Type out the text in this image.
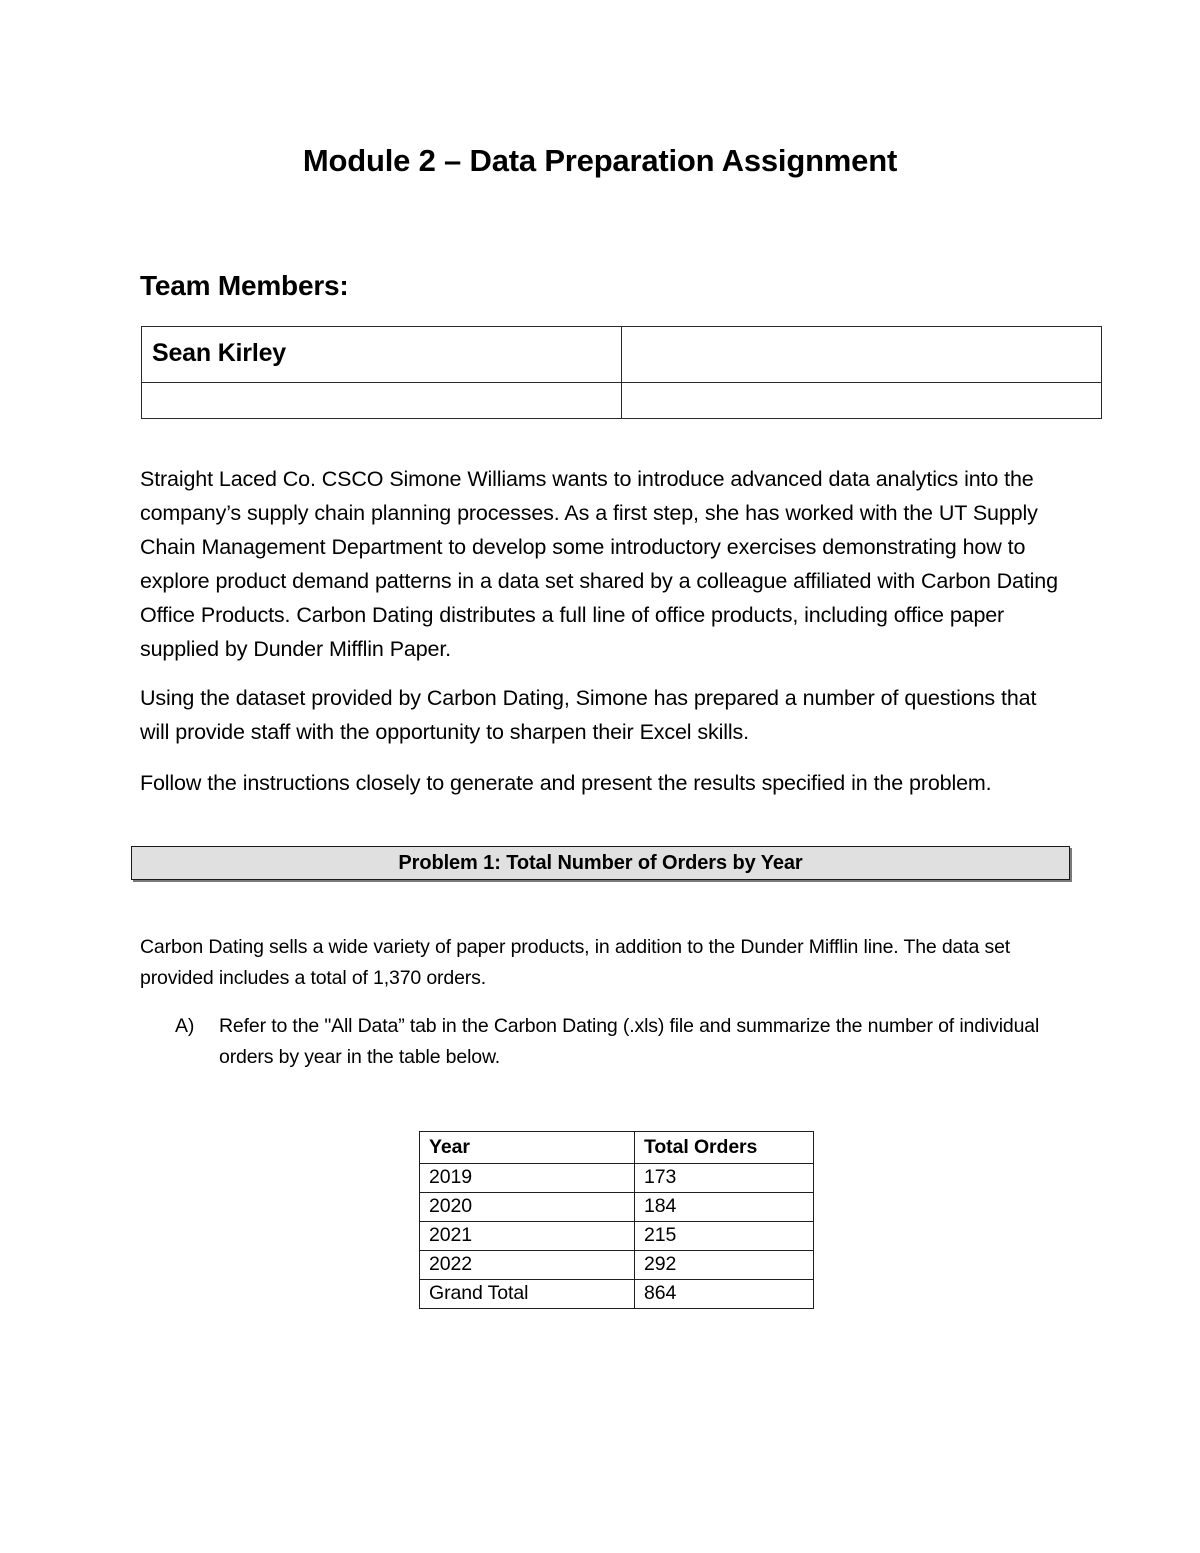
Module 2 – Data Preparation Assignment
Team Members:
Sean Kirley	

Straight Laced Co. CSCO Simone Williams wants to introduce advanced data analytics into the company’s supply chain planning processes. As a first step, she has worked with the UT Supply Chain Management Department to develop some introductory exercises demonstrating how to explore product demand patterns in a data set shared by a colleague affiliated with Carbon Dating Office Products. Carbon Dating distributes a full line of office products, including office paper supplied by Dunder Mifflin Paper.
Using the dataset provided by Carbon Dating, Simone has prepared a number of questions that will provide staff with the opportunity to sharpen their Excel skills.
Follow the instructions closely to generate and present the results specified in the problem.
Problem 1: Total Number of Orders by Year
Carbon Dating sells a wide variety of paper products, in addition to the Dunder Mifflin line. The data set provided includes a total of 1,370 orders.
A)	Refer to the "All Data” tab in the Carbon Dating (.xls) file and summarize the number of individual orders by year in the table below.
Year	Total Orders
2019	173
2020	184
2021	215
2022	292
Grand Total	864
